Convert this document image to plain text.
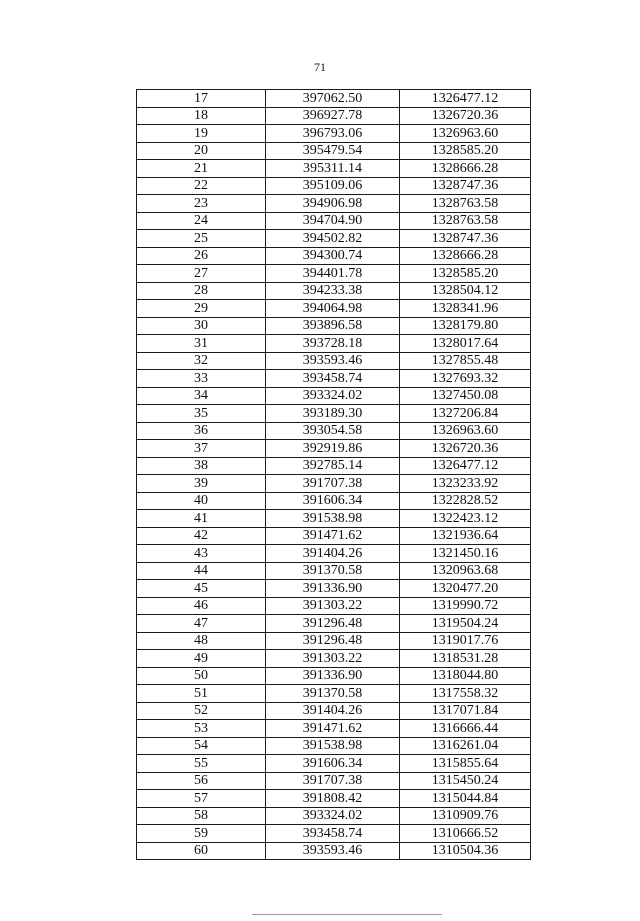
71
17	397062.50	1326477.12
18	396927.78	1326720.36
19	396793.06	1326963.60
20	395479.54	1328585.20
21	395311.14	1328666.28
22	395109.06	1328747.36
23	394906.98	1328763.58
24	394704.90	1328763.58
25	394502.82	1328747.36
26	394300.74	1328666.28
27	394401.78	1328585.20
28	394233.38	1328504.12
29	394064.98	1328341.96
30	393896.58	1328179.80
31	393728.18	1328017.64
32	393593.46	1327855.48
33	393458.74	1327693.32
34	393324.02	1327450.08
35	393189.30	1327206.84
36	393054.58	1326963.60
37	392919.86	1326720.36
38	392785.14	1326477.12
39	391707.38	1323233.92
40	391606.34	1322828.52
41	391538.98	1322423.12
42	391471.62	1321936.64
43	391404.26	1321450.16
44	391370.58	1320963.68
45	391336.90	1320477.20
46	391303.22	1319990.72
47	391296.48	1319504.24
48	391296.48	1319017.76
49	391303.22	1318531.28
50	391336.90	1318044.80
51	391370.58	1317558.32
52	391404.26	1317071.84
53	391471.62	1316666.44
54	391538.98	1316261.04
55	391606.34	1315855.64
56	391707.38	1315450.24
57	391808.42	1315044.84
58	393324.02	1310909.76
59	393458.74	1310666.52
60	393593.46	1310504.36
